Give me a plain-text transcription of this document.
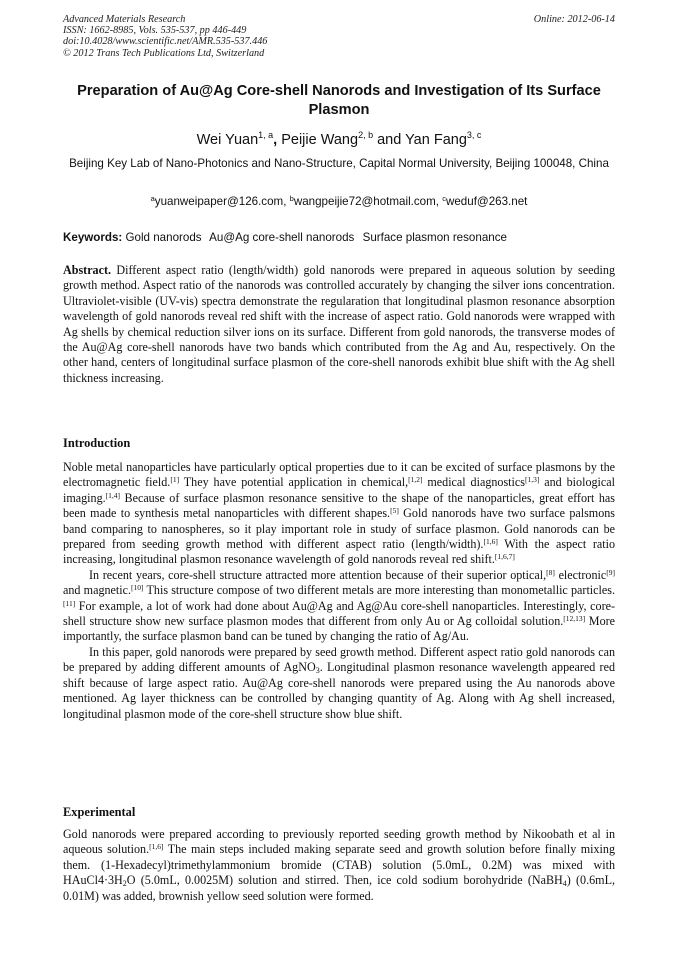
Advanced Materials Research
ISSN: 1662-8985, Vols. 535-537, pp 446-449
doi:10.4028/www.scientific.net/AMR.535-537.446
© 2012 Trans Tech Publications Ltd, Switzerland
Online: 2012-06-14
Preparation of Au@Ag Core-shell Nanorods and Investigation of Its Surface Plasmon
Wei Yuan$^{1, a}$, Peijie Wang$^{2, b}$ and Yan Fang$^{3, c}$
Beijing Key Lab of Nano-Photonics and Nano-Structure, Capital Normal University, Beijing 100048, China
$^a$yuanweipaper@126.com, $^b$wangpeijie72@hotmail.com, $^c$weduf@263.net
Keywords: Gold nanorods Au@Ag core-shell nanorods Surface plasmon resonance

Abstract. Different aspect ratio (length/width) gold nanorods were prepared in aqueous solution by seeding growth method. Aspect ratio of the nanorods was controlled accurately by changing the silver ions concentration. Ultraviolet-visible (UV-vis) spectra demonstrate the regularation that longitudinal plasmon resonance absorption wavelength of gold nanorods reveal red shift with the increase of aspect ratio. Gold nanorods were wrapped with Ag shells by chemical reduction silver ions on its surface. Different from gold nanorods, the transverse modes of the Au@Ag core-shell nanorods have two bands which contributed from the Ag and Au, respectively. On the other hand, centers of longitudinal surface plasmon of the core-shell nanorods exhibit blue shift with the Ag shell thickness increasing.

Introduction

Noble metal nanoparticles have particularly optical properties due to it can be excited of surface plasmons by the electromagnetic field.[1] They have potential application in chemical,[1,2] medical diagnostics[1,3] and biological imaging.[1,4] Because of surface plasmon resonance sensitive to the shape of the nanoparticles, great effort has been made to synthesis metal nanoparticles with different shapes.[5] Gold nanorods have two surface palsmons band comparing to nanospheres, so it play important role in study of surface plasmon. Gold nanorods can be prepared from seeding growth method with different aspect ratio (length/width).[1,6] With the aspect ratio increasing, longitudinal plasmon resonance wavelength of gold nanorods reveal red shift.[1,6,7]

In recent years, core-shell structure attracted more attention because of their superior optical,[8] electronic[9] and magnetic.[10] This structure compose of two different metals are more interesting than monometallic particles.[11] For example, a lot of work had done about Au@Ag and Ag@Au core-shell nanoparticles. Interestingly, core-shell structure show new surface plasmon modes that different from only Au or Ag colloidal solution.[12,13] More importantly, the surface plasmon band can be tuned by changing the ratio of Ag/Au.

In this paper, gold nanorods were prepared by seed growth method. Different aspect ratio gold nanorods can be prepared by adding different amounts of AgNO$_3$. Longitudinal plasmon resonance wavelength appeared red shift because of large aspect ratio. Au@Ag core-shell nanorods were prepared using the Au nanorods above mentioned. Ag layer thickness can be controlled by changing quantity of Ag. Along with Ag shell increased, longitudinal plasmon mode of the core-shell structure show blue shift.

Experimental

Gold nanorods were prepared according to previously reported seeding growth method by Nikoobath et al in aqueous solution.[1,6] The main steps included making separate seed and growth solution before finally mixing them. (1-Hexadecyl)trimethylammonium bromide (CTAB) solution (5.0mL, 0.2M) was mixed with $HAuCl4\cdot 3H_2O$ (5.0mL, 0.0025M) solution and stirred. Then, ice cold sodium borohydride (NaBH$_4$) (0.6mL, 0.01M) was added, brownish yellow seed solution were formed.
